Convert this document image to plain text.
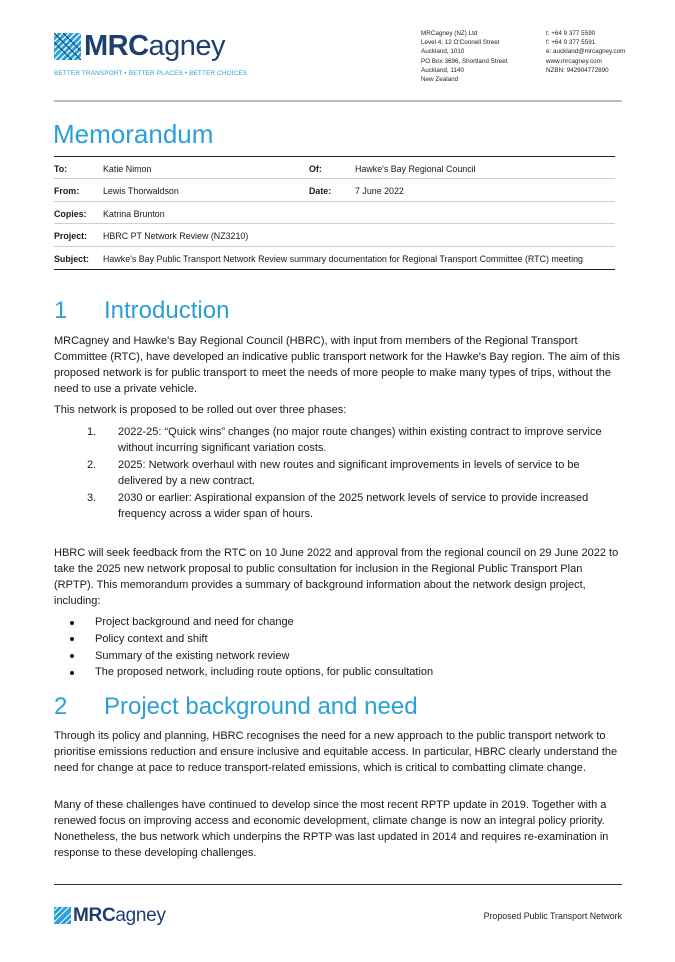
MRCagney
BETTER TRANSPORT • BETTER PLACES • BETTER CHOICES
MRCagney (NZ) Ltd
Level 4, 12 O'Connell Street
Auckland, 1010
PO Box 3696, Shortland Street
Auckland, 1140
New Zealand
t: +64 9 377 5590
f: +64 9 377 5591
e: auckland@mrcagney.com
www.mrcagney.com
NZBN: 942904772890
Memorandum
To:	Katie Nimon	Of:	Hawke's Bay Regional Council
From:	Lewis Thorwaldson	Date:	7 June 2022
Copies: Katrina Brunton
Project: HBRC PT Network Review (NZ3210)
Subject: Hawke's Bay Public Transport Network Review summary documentation for Regional Transport Committee (RTC) meeting
1 Introduction

MRCagney and Hawke's Bay Regional Council (HBRC), with input from members of the Regional Transport Committee (RTC), have developed an indicative public transport network for the Hawke's Bay region. The aim of this proposed network is for public transport to meet the needs of more people to make many types of trips, without the need to use a private vehicle.

This network is proposed to be rolled out over three phases:

1. 2022-25: “Quick wins” changes (no major route changes) within existing contract to improve service without incurring significant variation costs.
2. 2025: Network overhaul with new routes and significant improvements in levels of service to be delivered by a new contract.
3. 2030 or earlier: Aspirational expansion of the 2025 network levels of service to provide increased frequency across a wider span of hours.

HBRC will seek feedback from the RTC on 10 June 2022 and approval from the regional council on 29 June 2022 to take the 2025 new network proposal to public consultation for inclusion in the Regional Public Transport Plan (RPTP). This memorandum provides a summary of background information about the network design project, including:

Project background and need for change
Policy context and shift
Summary of the existing network review
The proposed network, including route options, for public consultation
2 Project background and need

Through its policy and planning, HBRC recognises the need for a new approach to the public transport network to prioritise emissions reduction and ensure inclusive and equitable access. In particular, HBRC clearly understand the need for change at pace to reduce transport-related emissions, which is critical to combatting climate change.

Many of these challenges have continued to develop since the most recent RPTP update in 2019. Together with a renewed focus on improving access and economic development, climate change is now an integral policy priority. Nonetheless, the bus network which underpins the RPTP was last updated in 2014 and requires re-examination in response to these developing challenges.

MRCagney	Proposed Public Transport Network
